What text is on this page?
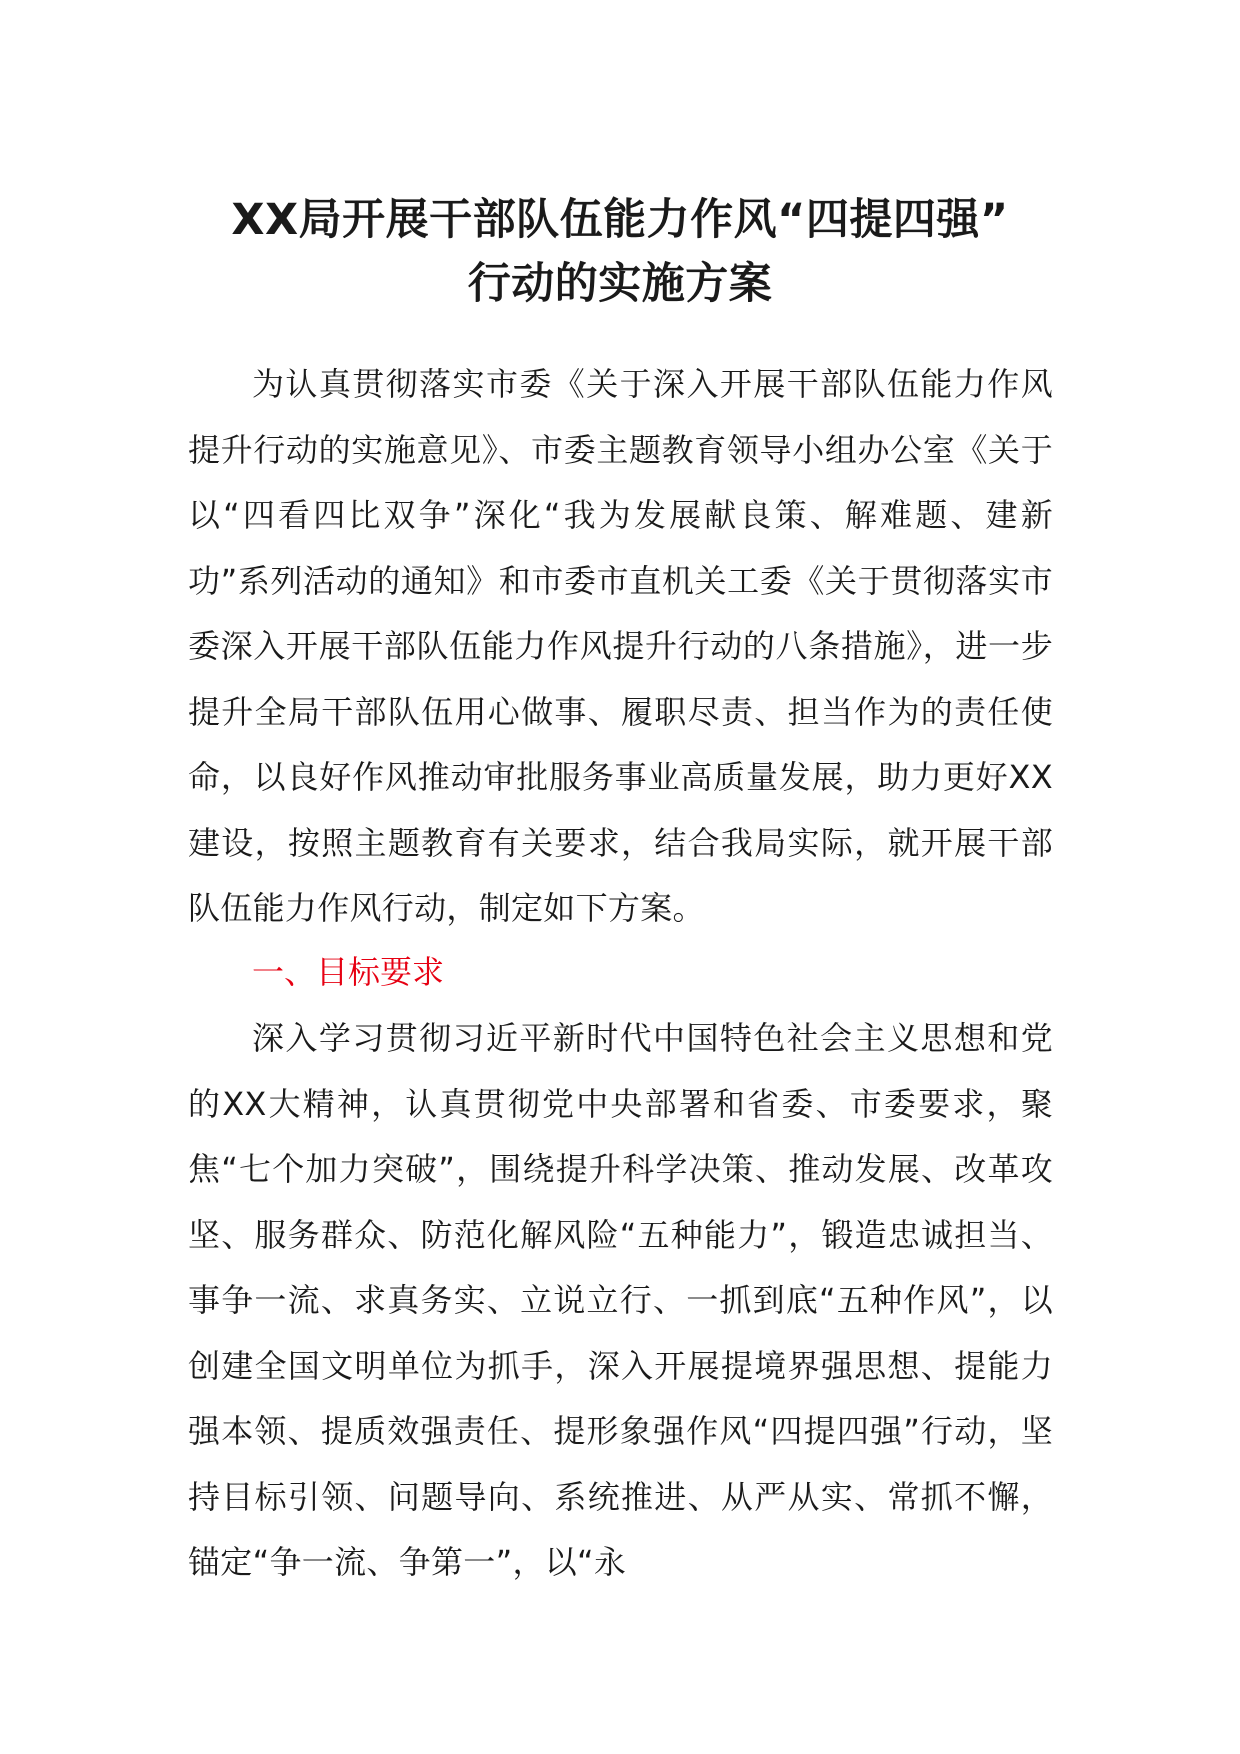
XX局开展干部队伍能力作风“四提四强”
行动的实施方案

为认真贯彻落实市委《关于深入开展干部队伍能力作风提升行动的实施意见》、市委主题教育领导小组办公室《关于以“四看四比双争”深化“我为发展献良策、解难题、建新功”系列活动的通知》和市委市直机关工委《关于贯彻落实市委深入开展干部队伍能力作风提升行动的八条措施》，进一步提升全局干部队伍用心做事、履职尽责、担当作为的责任使命，以良好作风推动审批服务事业高质量发展，助力更好XX建设，按照主题教育有关要求，结合我局实际，就开展干部队伍能力作风行动，制定如下方案。

一、目标要求

深入学习贯彻习近平新时代中国特色社会主义思想和党的XX大精神，认真贯彻党中央部署和省委、市委要求，聚焦“七个加力突破”，围绕提升科学决策、推动发展、改革攻坚、服务群众、防范化解风险“五种能力”，锻造忠诚担当、事争一流、求真务实、立说立行、一抓到底“五种作风”，以创建全国文明单位为抓手，深入开展提境界强思想、提能力强本领、提质效强责任、提形象强作风“四提四强”行动，坚持目标引领、问题导向、系统推进、从严从实、常抓不懈，锚定“争一流、争第一”，以“永
